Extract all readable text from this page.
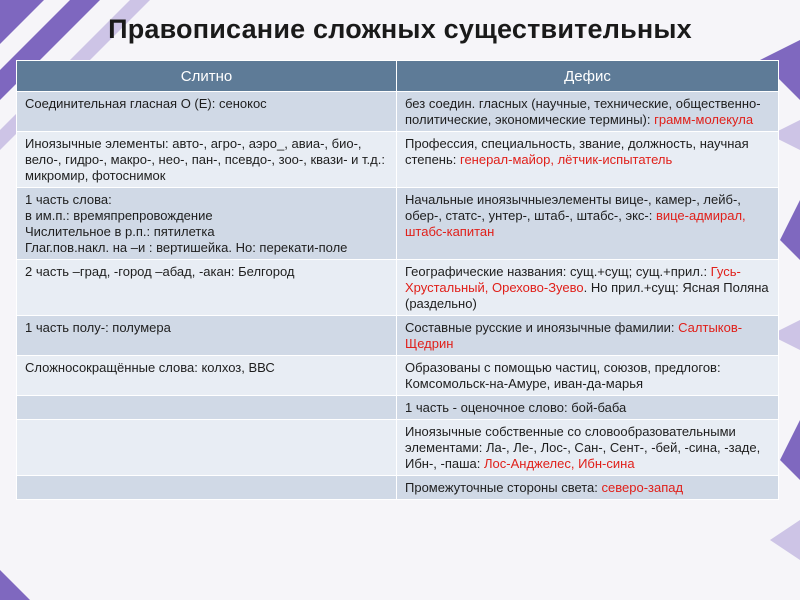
Правописание сложных существительных
Слитно	Дефис

Соединительная гласная О (Е): сенокос	без соедин. гласных (научные, технические, общественно-политические, экономические термины): грамм-молекула

Иноязычные элементы: авто-, агро-, аэро_, авиа-, био-, вело-, гидро-, макро-, нео-, пан-, псевдо-, зоо-, квази- и т.д.: микромир, фотоснимок	Профессия, специальность, звание, должность, научная степень: генерал-майор, лётчик-испытатель

1 часть слова:
в им.п.: времяпрепровождение
Числительное в р.п.: пятилетка
Глаг.пов.накл. на –и : вертишейка. Но: перекати-поле	Начальные иноязычныеэлементы вице-, камер-, лейб-, обер-, статс-, унтер-, штаб-, штабс-, экс-: вице-адмирал, штабс-капитан

2 часть –град, -город –абад, -акан: Белгород	Географические названия: сущ.+сущ; сущ.+прил.: Гусь-Хрустальный, Орехово-Зуево. Но прил.+сущ: Ясная Поляна (раздельно)

1 часть полу-: полумера	Составные русские и иноязычные фамилии: Салтыков-Щедрин

Сложносокращённые слова: колхоз, ВВС	Образованы с помощью частиц, союзов, предлогов: Комсомольск-на-Амуре, иван-да-марья

	1 часть - оценочное слово: бой-баба

	Иноязычные собственные со словообразовательными элементами: Ла-, Ле-, Лос-, Сан-, Сент-, -бей, -сина, -заде, Ибн-, -паша: Лос-Анджелес, Ибн-сина

	Промежуточные стороны света: северо-запад
